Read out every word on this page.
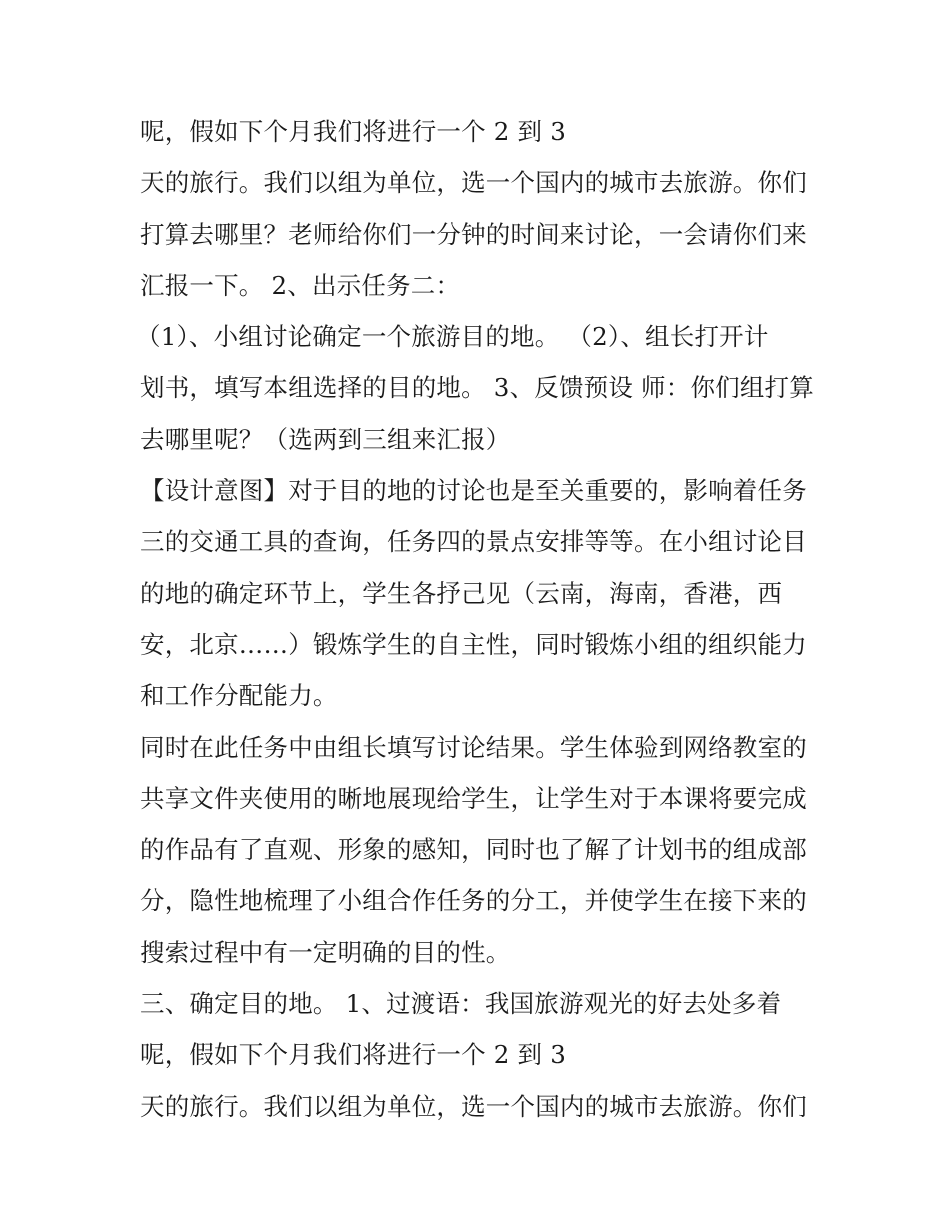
呢，假如下个月我们将进行一个 2 到 3
天的旅行。我们以组为单位，选一个国内的城市去旅游。你们
打算去哪里？老师给你们一分钟的时间来讨论，一会请你们来
汇报一下。 2、出示任务二：
（1）、小组讨论确定一个旅游目的地。 （2）、组长打开计
划书，填写本组选择的目的地。 3、反馈预设 师：你们组打算
去哪里呢？（选两到三组来汇报）
【设计意图】对于目的地的讨论也是至关重要的，影响着任务
三的交通工具的查询，任务四的景点安排等等。在小组讨论目
的地的确定环节上，学生各抒己见（云南，海南，香港，西
安，北京……）锻炼学生的自主性，同时锻炼小组的组织能力
和工作分配能力。
同时在此任务中由组长填写讨论结果。学生体验到网络教室的
共享文件夹使用的晰地展现给学生，让学生对于本课将要完成
的作品有了直观、形象的感知，同时也了解了计划书的组成部
分，隐性地梳理了小组合作任务的分工，并使学生在接下来的
搜索过程中有一定明确的目的性。
三、确定目的地。 1、过渡语：我国旅游观光的好去处多着
呢，假如下个月我们将进行一个 2 到 3
天的旅行。我们以组为单位，选一个国内的城市去旅游。你们
